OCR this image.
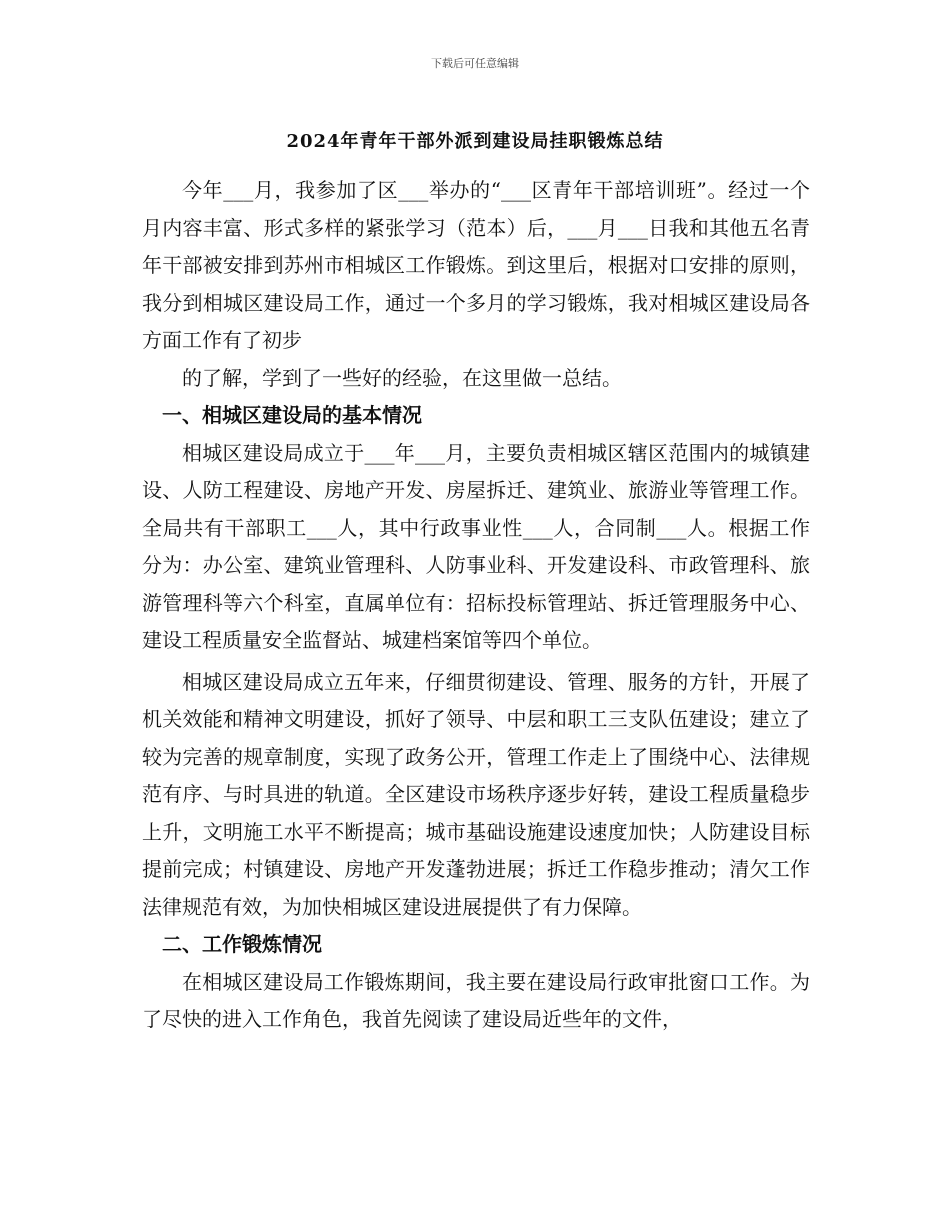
下载后可任意编辑
2024年青年干部外派到建设局挂职锻炼总结

今年___月，我参加了区___举办的“___区青年干部培训班”。经过一个月内容丰富、形式多样的紧张学习（范本）后，___月___日我和其他五名青年干部被安排到苏州市相城区工作锻炼。到这里后，根据对口安排的原则，我分到相城区建设局工作，通过一个多月的学习锻炼，我对相城区建设局各方面工作有了初步

的了解，学到了一些好的经验，在这里做一总结。

一、相城区建设局的基本情况

相城区建设局成立于___年___月，主要负责相城区辖区范围内的城镇建设、人防工程建设、房地产开发、房屋拆迁、建筑业、旅游业等管理工作。全局共有干部职工___人，其中行政事业性___人，合同制___人。根据工作分为：办公室、建筑业管理科、人防事业科、开发建设科、市政管理科、旅游管理科等六个科室，直属单位有：招标投标管理站、拆迁管理服务中心、建设工程质量安全监督站、城建档案馆等四个单位。

相城区建设局成立五年来，仔细贯彻建设、管理、服务的方针，开展了机关效能和精神文明建设，抓好了领导、中层和职工三支队伍建设；建立了较为完善的规章制度，实现了政务公开，管理工作走上了围绕中心、法律规范有序、与时具进的轨道。全区建设市场秩序逐步好转，建设工程质量稳步上升，文明施工水平不断提高；城市基础设施建设速度加快；人防建设目标提前完成；村镇建设、房地产开发蓬勃进展；拆迁工作稳步推动；清欠工作法律规范有效，为加快相城区建设进展提供了有力保障。

二、工作锻炼情况

在相城区建设局工作锻炼期间，我主要在建设局行政审批窗口工作。为了尽快的进入工作角色，我首先阅读了建设局近些年的文件，
